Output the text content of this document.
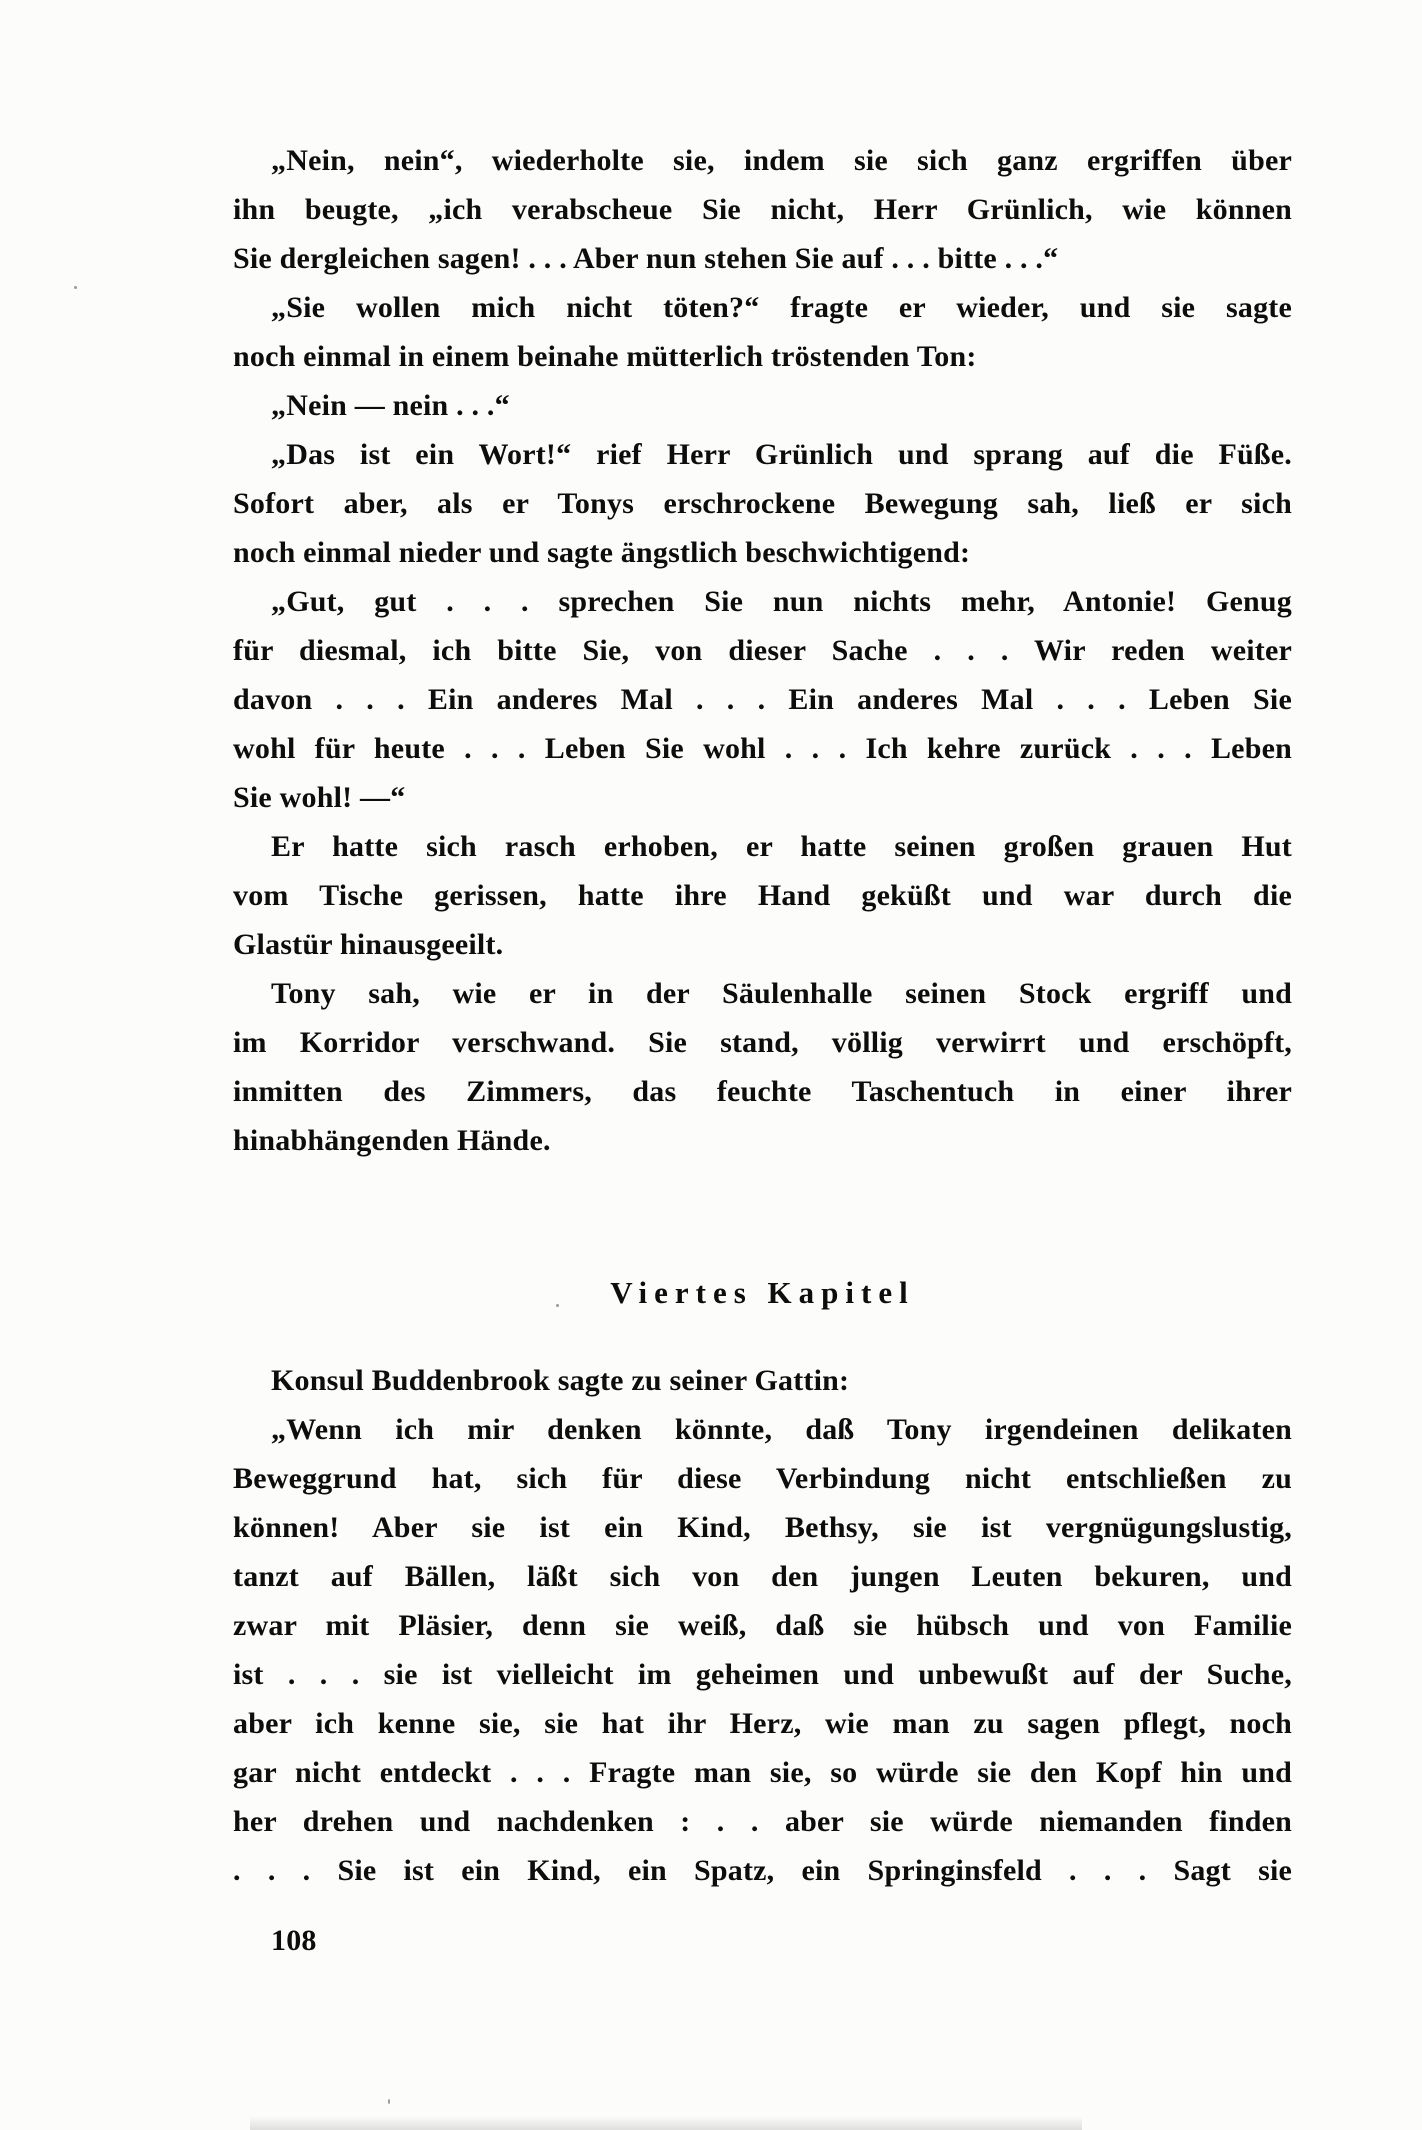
„Nein, nein“, wiederholte sie, indem sie sich ganz ergriffen über
ihn beugte, „ich verabscheue Sie nicht, Herr Grünlich, wie können
Sie dergleichen sagen! . . . Aber nun stehen Sie auf . . . bitte . . .“
„Sie wollen mich nicht töten?“ fragte er wieder, und sie sagte
noch einmal in einem beinahe mütterlich tröstenden Ton:
„Nein — nein . . .“
„Das ist ein Wort!“ rief Herr Grünlich und sprang auf die Füße.
Sofort aber, als er Tonys erschrockene Bewegung sah, ließ er sich
noch einmal nieder und sagte ängstlich beschwichtigend:
„Gut, gut . . . sprechen Sie nun nichts mehr, Antonie! Genug
für diesmal, ich bitte Sie, von dieser Sache . . . Wir reden weiter
davon . . . Ein anderes Mal . . . Ein anderes Mal . . . Leben Sie
wohl für heute . . . Leben Sie wohl . . . Ich kehre zurück . . . Leben
Sie wohl! —“
Er hatte sich rasch erhoben, er hatte seinen großen grauen Hut
vom Tische gerissen, hatte ihre Hand geküßt und war durch die
Glastür hinausgeeilt.
Tony sah, wie er in der Säulenhalle seinen Stock ergriff und
im Korridor verschwand. Sie stand, völlig verwirrt und erschöpft,
inmitten des Zimmers, das feuchte Taschentuch in einer ihrer
hinabhängenden Hände.
Viertes Kapitel
Konsul Buddenbrook sagte zu seiner Gattin:
„Wenn ich mir denken könnte, daß Tony irgendeinen delikaten
Beweggrund hat, sich für diese Verbindung nicht entschließen zu
können! Aber sie ist ein Kind, Bethsy, sie ist vergnügungslustig,
tanzt auf Bällen, läßt sich von den jungen Leuten bekuren, und
zwar mit Pläsier, denn sie weiß, daß sie hübsch und von Familie
ist . . . sie ist vielleicht im geheimen und unbewußt auf der Suche,
aber ich kenne sie, sie hat ihr Herz, wie man zu sagen pflegt, noch
gar nicht entdeckt . . . Fragte man sie, so würde sie den Kopf hin und
her drehen und nachdenken : . . aber sie würde niemanden finden
. . . Sie ist ein Kind, ein Spatz, ein Springinsfeld . . . Sagt sie
108
